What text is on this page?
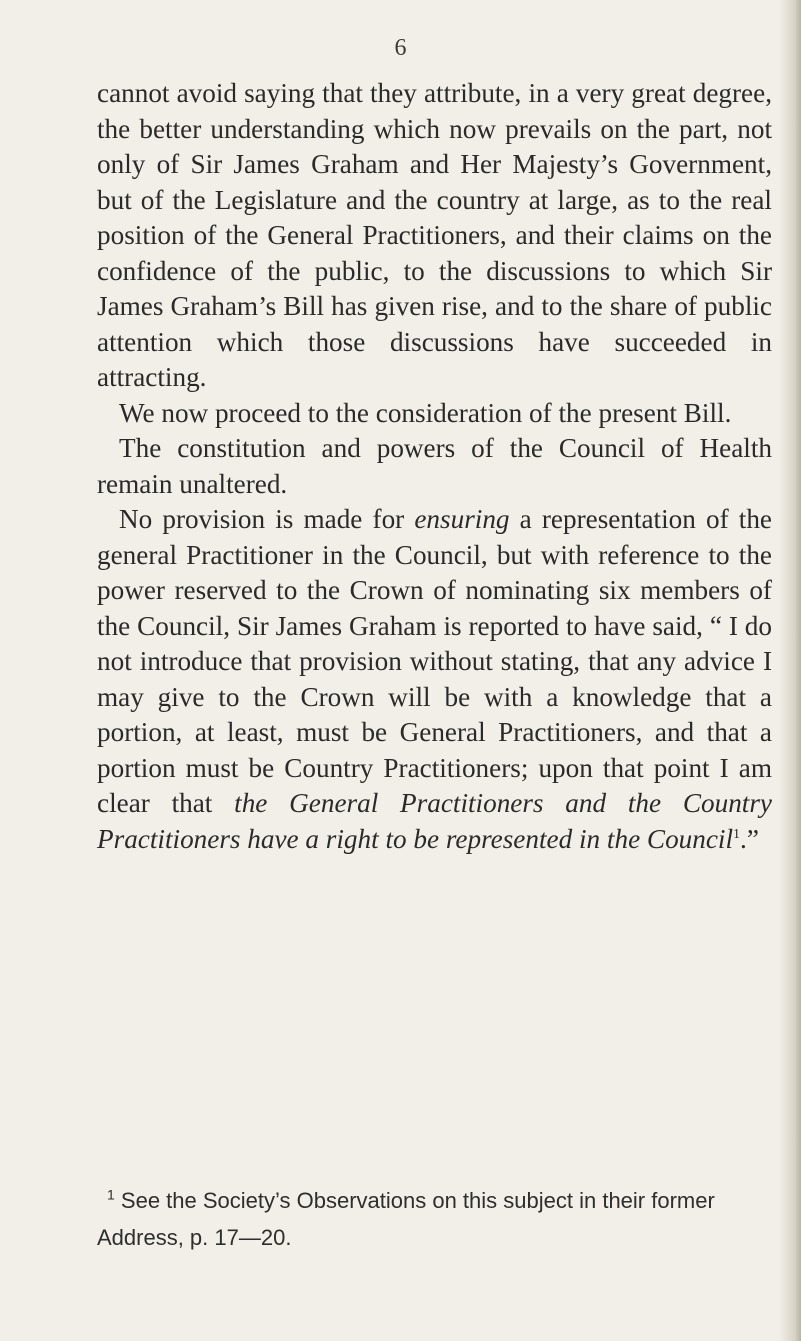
6

cannot avoid saying that they attribute, in a very great degree, the better understanding which now prevails on the part, not only of Sir James Graham and Her Majesty’s Government, but of the Legislature and the country at large, as to the real position of the General Practitioners, and their claims on the confidence of the public, to the discussions to which Sir James Graham’s Bill has given rise, and to the share of public attention which those discussions have succeeded in attracting.

We now proceed to the consideration of the present Bill.

The constitution and powers of the Council of Health remain unaltered.

No provision is made for ensuring a representation of the general Practitioner in the Council, but with reference to the power reserved to the Crown of nominating six members of the Council, Sir James Graham is reported to have said, “ I do not introduce that provision without stating, that any advice I may give to the Crown will be with a knowledge that a portion, at least, must be General Practitioners, and that a portion must be Country Practitioners; upon that point I am clear that the General Practitioners and the Country Practitioners have a right to be represented in the Council$^1$.”

$^1$ See the Society’s Observations on this subject in their former
Address, p. 17—20.
